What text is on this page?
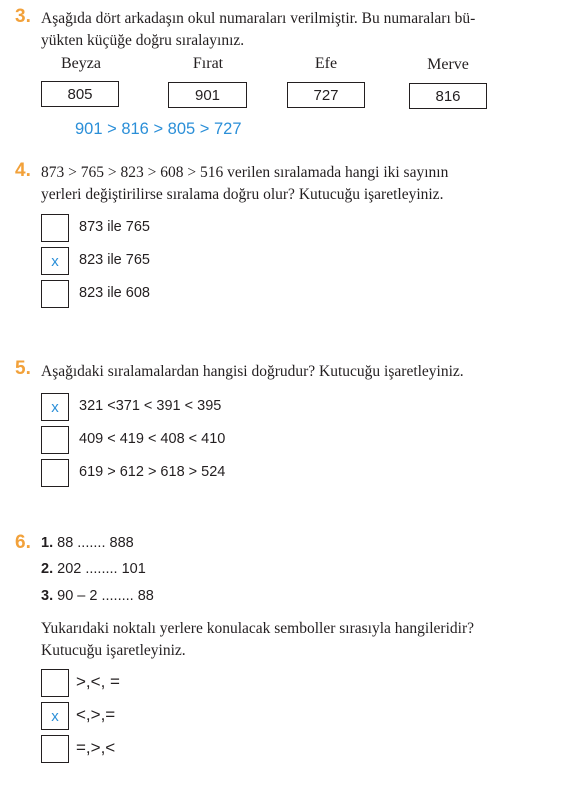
3. Aşağıda dört arkadaşın okul numaraları verilmiştir. Bu numaraları bü-
yükten küçüğe doğru sıralayınız.
Beyza	Fırat	Efe	Merve
805	901	727	816
901 > 816 > 805 > 727
4. 873 > 765 > 823 > 608 > 516 verilen sıralamada hangi iki sayının
yerleri değiştirilirse sıralama doğru olur? Kutucuğu işaretleyiniz.
873 ile 765
x	823 ile 765
823 ile 608
5. Aşağıdaki sıralamalardan hangisi doğrudur? Kutucuğu işaretleyiniz.
x	321 <371 < 391 < 395
409 < 419 < 408 < 410
619 > 612 > 618 > 524
6. 1. 88 ....... 888
2. 202 ........ 101
3. 90 – 2 ........ 88
Yukarıdaki noktalı yerlere konulacak semboller sırasıyla hangileridir?
Kutucuğu işaretleyiniz.
>,<, =
x	<,>,=
=,>,<
